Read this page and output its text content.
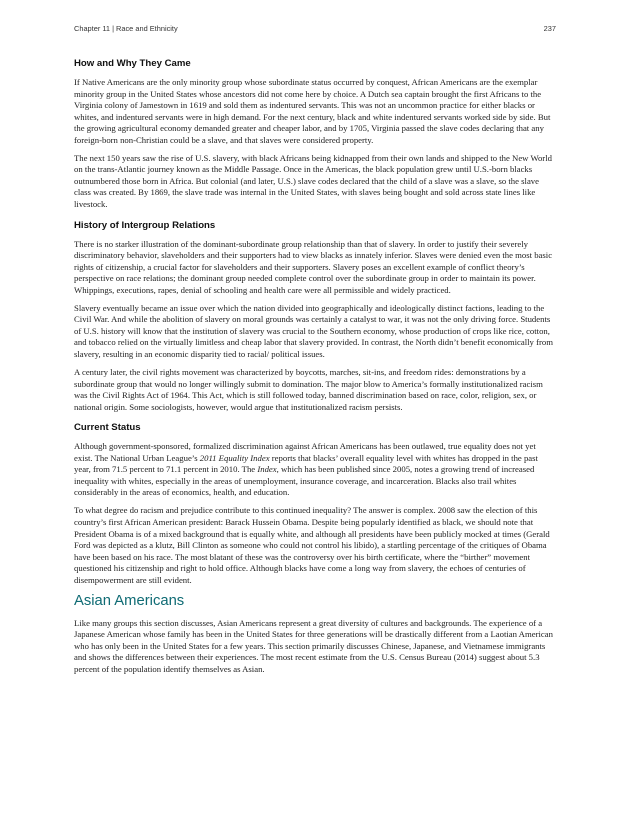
Chapter 11 | Race and Ethnicity	237
How and Why They Came

If Native Americans are the only minority group whose subordinate status occurred by conquest, African Americans are the exemplar minority group in the United States whose ancestors did not come here by choice. A Dutch sea captain brought the first Africans to the Virginia colony of Jamestown in 1619 and sold them as indentured servants. This was not an uncommon practice for either blacks or whites, and indentured servants were in high demand. For the next century, black and white indentured servants worked side by side. But the growing agricultural economy demanded greater and cheaper labor, and by 1705, Virginia passed the slave codes declaring that any foreign-born non-Christian could be a slave, and that slaves were considered property.

The next 150 years saw the rise of U.S. slavery, with black Africans being kidnapped from their own lands and shipped to the New World on the trans-Atlantic journey known as the Middle Passage. Once in the Americas, the black population grew until U.S.-born blacks outnumbered those born in Africa. But colonial (and later, U.S.) slave codes declared that the child of a slave was a slave, so the slave class was created. By 1869, the slave trade was internal in the United States, with slaves being bought and sold across state lines like livestock.

History of Intergroup Relations

There is no starker illustration of the dominant-subordinate group relationship than that of slavery. In order to justify their severely discriminatory behavior, slaveholders and their supporters had to view blacks as innately inferior. Slaves were denied even the most basic rights of citizenship, a crucial factor for slaveholders and their supporters. Slavery poses an excellent example of conflict theory’s perspective on race relations; the dominant group needed complete control over the subordinate group in order to maintain its power. Whippings, executions, rapes, denial of schooling and health care were all permissible and widely practiced.

Slavery eventually became an issue over which the nation divided into geographically and ideologically distinct factions, leading to the Civil War. And while the abolition of slavery on moral grounds was certainly a catalyst to war, it was not the only driving force. Students of U.S. history will know that the institution of slavery was crucial to the Southern economy, whose production of crops like rice, cotton, and tobacco relied on the virtually limitless and cheap labor that slavery provided. In contrast, the North didn’t benefit economically from slavery, resulting in an economic disparity tied to racial/ political issues.

A century later, the civil rights movement was characterized by boycotts, marches, sit-ins, and freedom rides: demonstrations by a subordinate group that would no longer willingly submit to domination. The major blow to America’s formally institutionalized racism was the Civil Rights Act of 1964. This Act, which is still followed today, banned discrimination based on race, color, religion, sex, or national origin. Some sociologists, however, would argue that institutionalized racism persists.

Current Status

Although government-sponsored, formalized discrimination against African Americans has been outlawed, true equality does not yet exist. The National Urban League’s 2011 Equality Index reports that blacks’ overall equality level with whites has dropped in the past year, from 71.5 percent to 71.1 percent in 2010. The Index, which has been published since 2005, notes a growing trend of increased inequality with whites, especially in the areas of unemployment, insurance coverage, and incarceration. Blacks also trail whites considerably in the areas of economics, health, and education.

To what degree do racism and prejudice contribute to this continued inequality? The answer is complex. 2008 saw the election of this country’s first African American president: Barack Hussein Obama. Despite being popularly identified as black, we should note that President Obama is of a mixed background that is equally white, and although all presidents have been publicly mocked at times (Gerald Ford was depicted as a klutz, Bill Clinton as someone who could not control his libido), a startling percentage of the critiques of Obama have been based on his race. The most blatant of these was the controversy over his birth certificate, where the “birther” movement questioned his citizenship and right to hold office. Although blacks have come a long way from slavery, the echoes of centuries of disempowerment are still evident.

Asian Americans

Like many groups this section discusses, Asian Americans represent a great diversity of cultures and backgrounds. The experience of a Japanese American whose family has been in the United States for three generations will be drastically different from a Laotian American who has only been in the United States for a few years. This section primarily discusses Chinese, Japanese, and Vietnamese immigrants and shows the differences between their experiences. The most recent estimate from the U.S. Census Bureau (2014) suggest about 5.3 percent of the population identify themselves as Asian.
